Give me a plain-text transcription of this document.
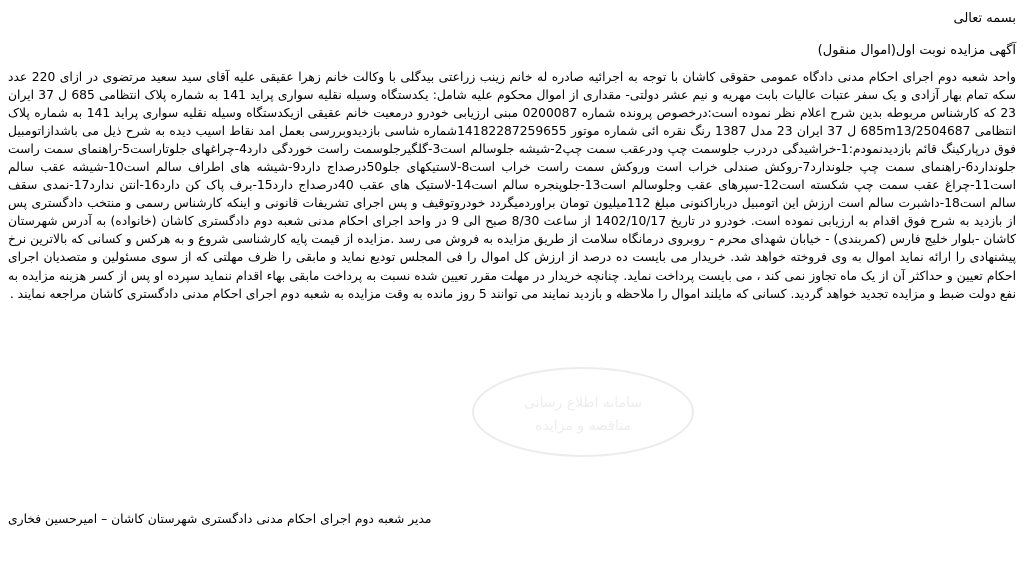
بسمه تعالی

آگهی مزایده نوبت اول(اموال منقول)

واحد شعبه دوم اجرای احکام مدنی دادگاه عمومی حقوقی کاشان با توجه به اجرائیه صادره له خانم زینب زراعتی بیدگلی با وکالت خانم زهرا عقیقی علیه آقای سید سعید مرتضوی در ازای 220 عدد سکه تمام بهار آزادی و یک سفر عتبات عالیات بابت مهریه و نیم عشر دولتی- مقداری از اموال محکوم علیه شامل: یکدستگاه وسیله نقلیه سواری پراید 141 به شماره پلاک انتظامی 685 ل 37 ایران 23 که کارشناس مربوطه بدین شرح اعلام نظر نموده است:درخصوص پرونده شماره 0200087 مبنی ارزیابی خودرو درمعیت خانم عقیقی ازیکدستگاه وسیله نقلیه سواری پراید 141 به شماره پلاک انتظامی 685m13/2504687 ل 37 ایران 23 مدل 1387 رنگ نقره ائی شماره موتور 14182287259655شماره شاسی بازدیدوبررسی بعمل امد نقاط اسیب دیده به شرح ذیل می باشدازاتومبیل فوق درپارکینگ قائم بازدیدنمودم:1-خراشیدگی دردرب جلوسمت چپ ودرعقب سمت چپ2-شیشه جلوسالم است3-گلگیرجلوسمت راست خوردگی دارد4-چراغهای جلوتاراست5-راهنمای سمت راست جلوندارد6-راهنمای سمت چپ جلوندارد7-روکش صندلی خراب است وروکش سمت راست خراب است8-لاستیکهای جلو50درصداج دارد9-شیشه های اطراف سالم است10-شیشه عقب سالم است11-چراغ عقب سمت چپ شکسته است12-سپرهای عقب وجلوسالم است13-جلوپنجره سالم است14-لاستیک های عقب 40درصداج دارد15-برف پاک کن دارد16-انتن ندارد17-نمدی سقف سالم است18-داشبرت سالم است ارزش این اتومبیل درباراکنونی مبلغ 112میلیون تومان براوردمیگردد خودروتوقیف و پس اجرای تشریفات قانونی و اینکه کارشناس رسمی و منتخب دادگستری پس از بازدید به شرح فوق اقدام به ارزیابی نموده است. خودرو در تاریخ 1402/10/17 از ساعت 8/30 صبح الی 9 در واحد اجرای احکام مدنی شعبه دوم دادگستری کاشان (خانواده) به آدرس شهرستان کاشان -بلوار خلیج فارس (کمربندی) - خیابان شهدای محرم - روبروی درمانگاه سلامت از طریق مزایده به فروش می رسد .مزایده از قیمت پایه کارشناسی شروع و به هرکس و کسانی که بالاترین نرخ پیشنهادی را ارائه نماید اموال به وی فروخته خواهد شد. خریدار می بایست ده درصد از ارزش کل اموال را فی المجلس تودیع نماید و مابقی را ظرف مهلتی که از سوی مسئولین و متصدیان اجرای احکام تعیین و حداکثر آن از یک ماه تجاوز نمی کند ، می بایست پرداخت نماید. چنانچه خریدار در مهلت مقرر تعیین شده نسبت به پرداخت مابقی بهاء اقدام ننماید سپرده او پس از کسر هزینه مزایده به نفع دولت ضبط و مزایده تجدید خواهد گردید. کسانی که مایلند اموال را ملاحظه و بازدید نمایند می توانند 5 روز مانده به وقت مزایده به شعبه دوم اجرای احکام مدنی دادگستری کاشان مراجعه نمایند .

سامانه اطلاع رسانی
مناقصه و مزایده

مدیر شعبه دوم اجرای احکام مدنی دادگستری شهرستان کاشان – امیرحسین فخاری
